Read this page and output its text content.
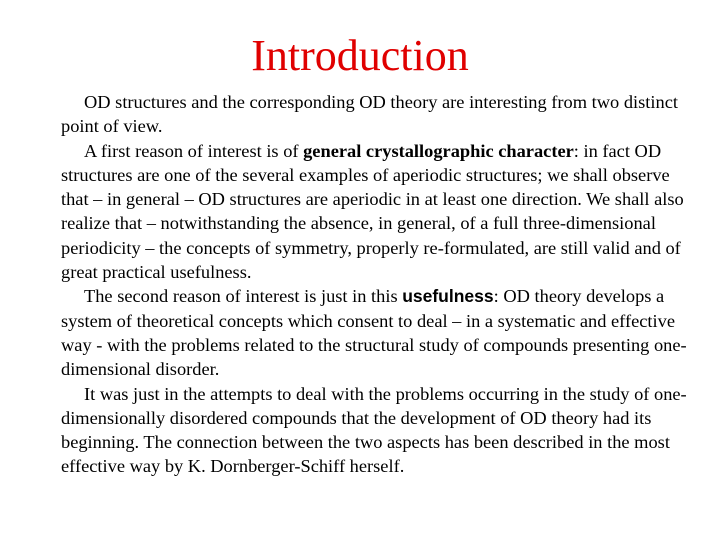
Introduction

OD structures and the corresponding OD theory are interesting from two distinct point of view.

A first reason of interest is of general crystallographic character: in fact OD structures are one of the several examples of aperiodic structures; we shall observe that – in general – OD structures are aperiodic in at least one direction. We shall also realize that – notwithstanding the absence, in general, of a full three-dimensional periodicity – the concepts of symmetry, properly re-formulated, are still valid and of great practical usefulness.

The second reason of interest is just in this usefulness: OD theory develops a system of theoretical concepts which consent to deal – in a systematic and effective way - with the problems related to the structural study of compounds presenting one-dimensional disorder.

It was just in the attempts to deal with the problems occurring in the study of one-dimensionally disordered compounds that the development of OD theory had its beginning. The connection between the two aspects has been described in the most effective way by K. Dornberger-Schiff herself.
